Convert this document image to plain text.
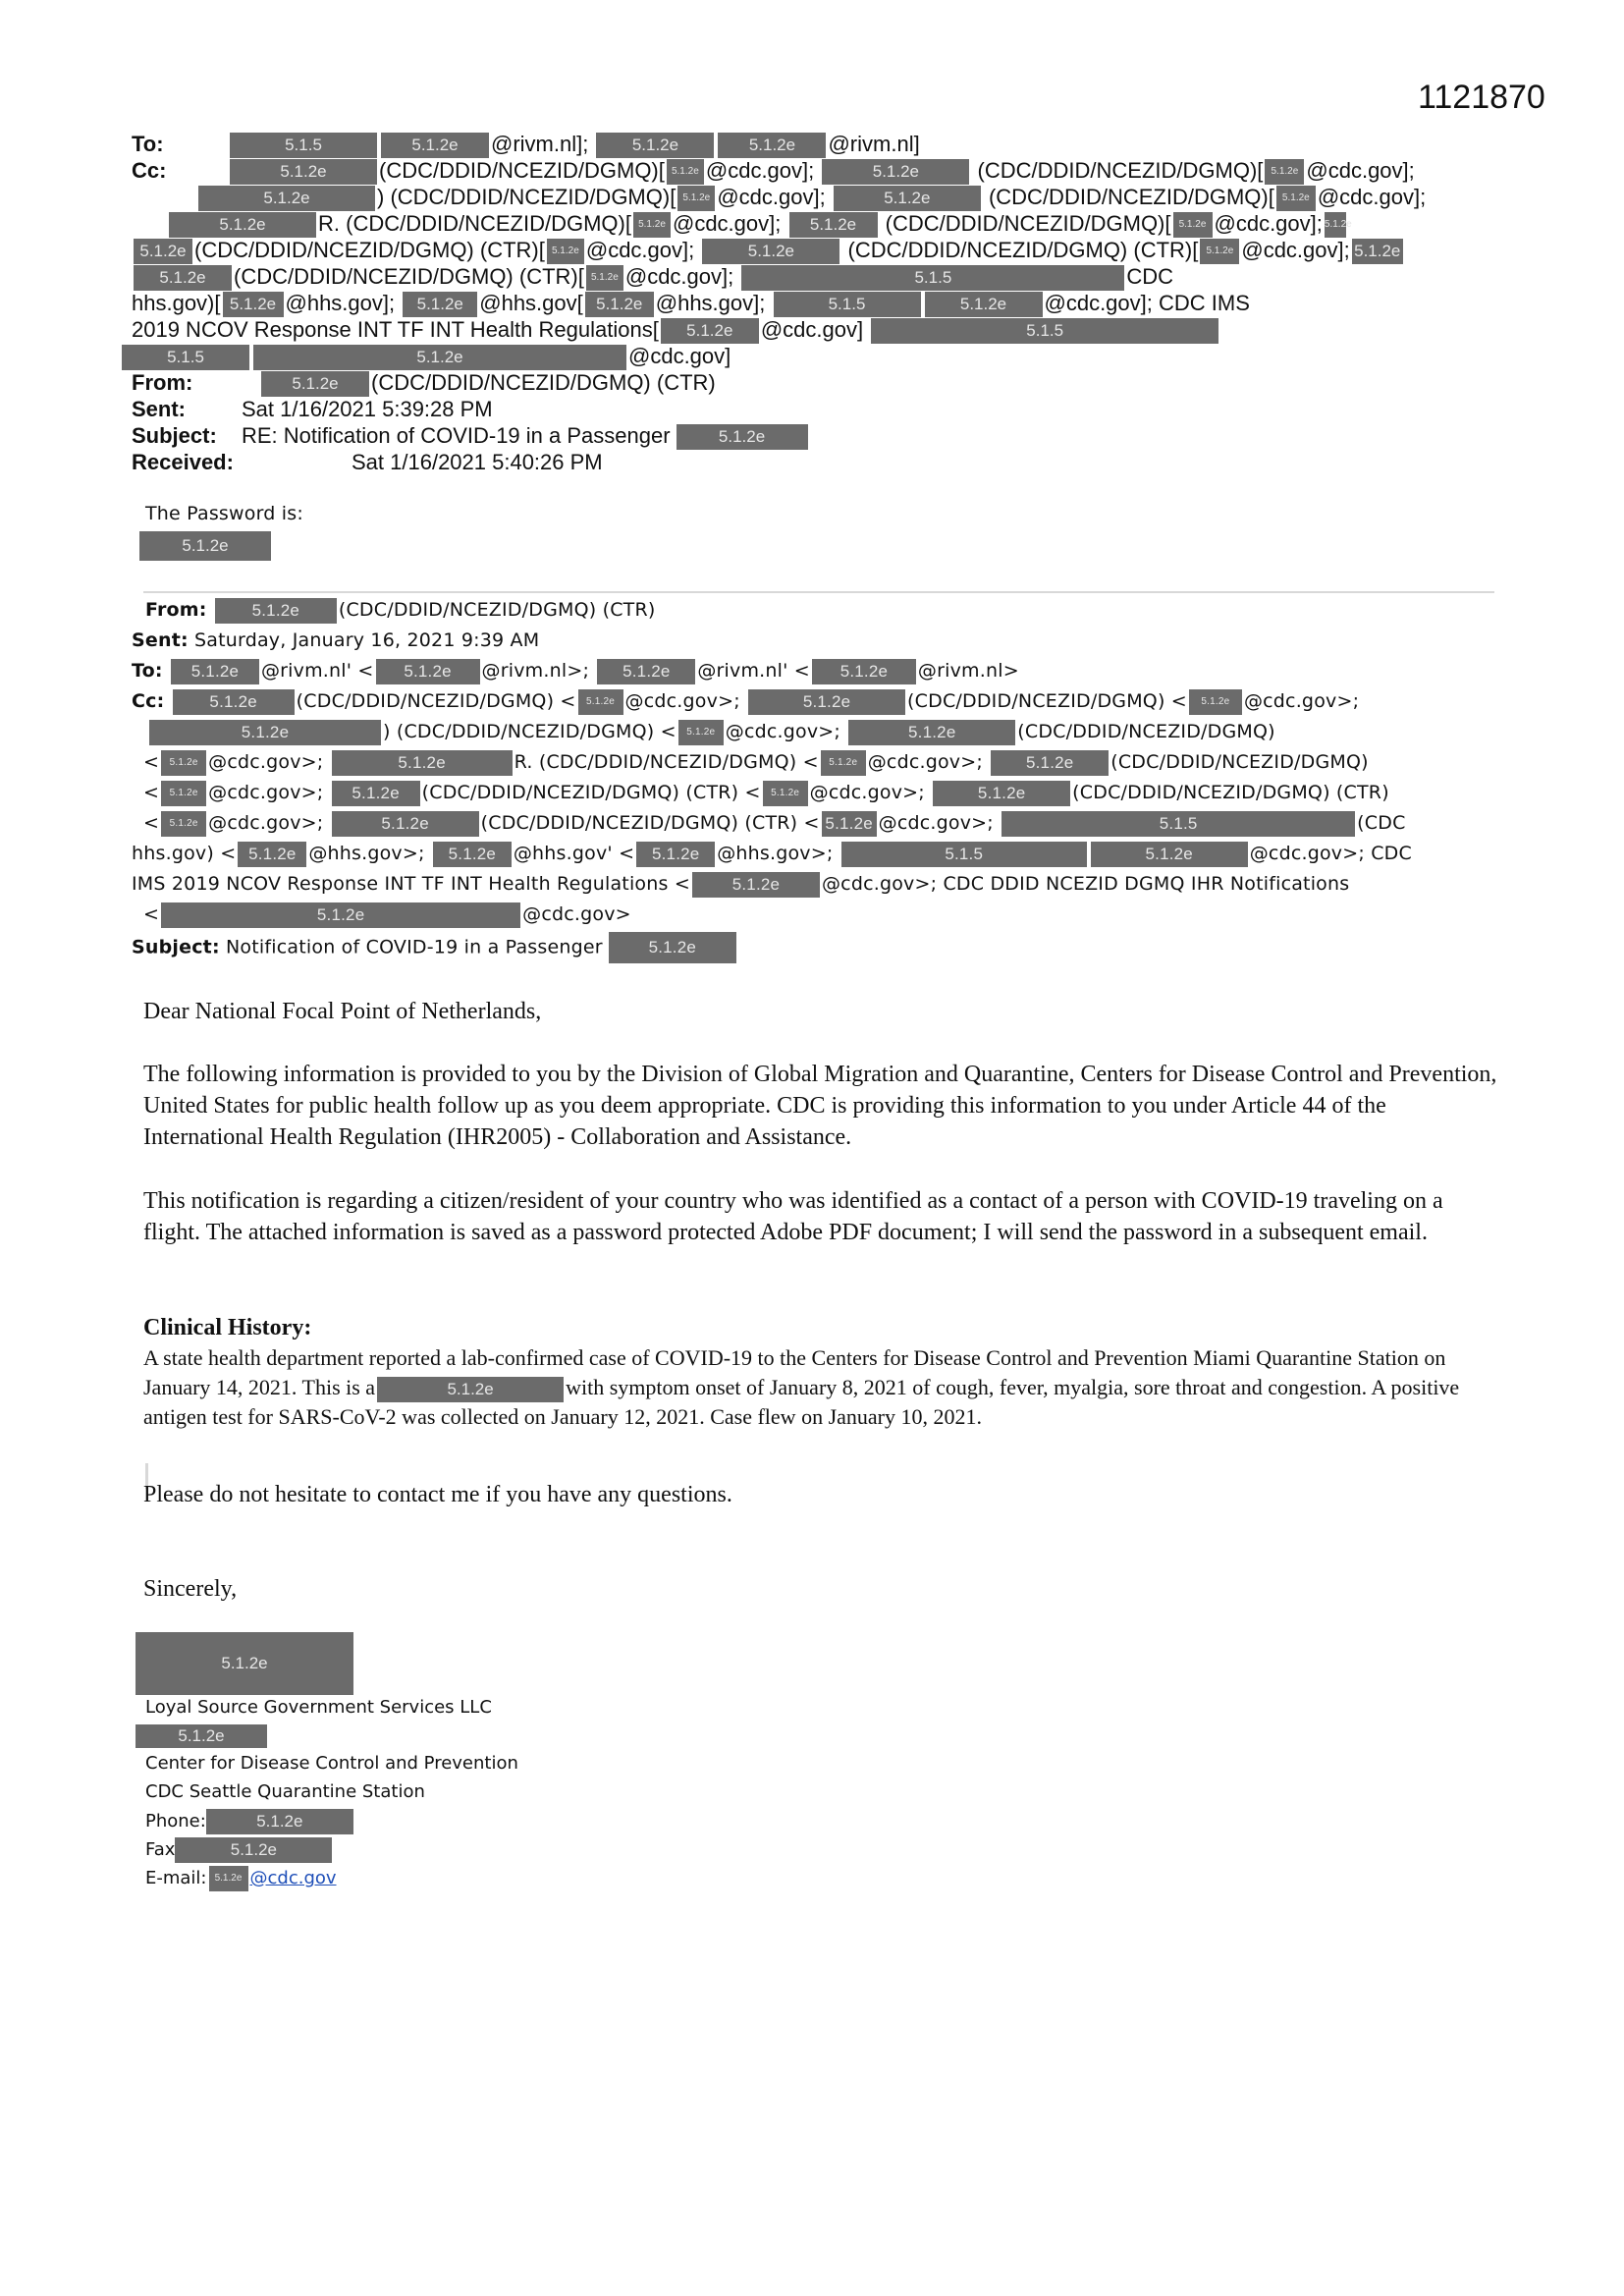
1121870
To:	5.1.5	5.1.2e @rivm.nl];	5.1.2e	5.1.2e @rivm.nl]
Cc:	5.1.2e (CDC/DDID/NCEZID/DGMQ)[ 5.1.2e @cdc.gov];	5.1.2e	(CDC/DDID/NCEZID/DGMQ)[ 5.1.2e @cdc.gov];
5.1.2e	) (CDC/DDID/NCEZID/DGMQ)[ 5.1.2e @cdc.gov];	5.1.2e	(CDC/DDID/NCEZID/DGMQ)[ 5.1.2e @cdc.gov];
5.1.2e R. (CDC/DDID/NCEZID/DGMQ)[ 5.1.2e @cdc.gov]; 5.1.2e (CDC/DDID/NCEZID/DGMQ)[ 5.1.2e @cdc.gov]; 5.1.2e
5.1.2e (CDC/DDID/NCEZID/DGMQ) (CTR)[ 5.1.2e @cdc.gov];	5.1.2e (CDC/DDID/NCEZID/DGMQ) (CTR)[ 5.1.2e @cdc.gov]; 5.1.2e
5.1.2e (CDC/DDID/NCEZID/DGMQ) (CTR)[ 5.1.2e @cdc.gov];	5.1.5	CDC
hhs.gov)[ 5.1.2e @hhs.gov]; 5.1.2e @hhs.gov[ 5.1.2e @hhs.gov];	5.1.5	5.1.2e @cdc.gov]; CDC IMS
2019 NCOV Response INT TF INT Health Regulations[ 5.1.2e @cdc.gov]	5.1.5
5.1.5	5.1.2e	@cdc.gov]
From:	5.1.2e (CDC/DDID/NCEZID/DGMQ) (CTR)
Sent:	Sat 1/16/2021 5:39:28 PM
Subject: RE: Notification of COVID-19 in a Passenger	5.1.2e
Received:	Sat 1/16/2021 5:40:26 PM
The Password is:
5.1.2e
From:	5.1.2e (CDC/DDID/NCEZID/DGMQ) (CTR)
Sent: Saturday, January 16, 2021 9:39 AM
To: 5.1.2e @rivm.nl' < 5.1.2e @rivm.nl>; 5.1.2e @rivm.nl' < 5.1.2e @rivm.nl>
Cc:	5.1.2e (CDC/DDID/NCEZID/DGMQ) < 5.1.2e @cdc.gov>;	5.1.2e	(CDC/DDID/NCEZID/DGMQ) < 5.1.2e @cdc.gov>;
5.1.2e	) (CDC/DDID/NCEZID/DGMQ) < 5.1.2e @cdc.gov>;	5.1.2e	(CDC/DDID/NCEZID/DGMQ)
< 5.1.2e @cdc.gov>;	5.1.2e	R. (CDC/DDID/NCEZID/DGMQ) < 5.1.2e @cdc.gov>;	5.1.2e (CDC/DDID/NCEZID/DGMQ)
< 5.1.2e @cdc.gov>; 5.1.2e (CDC/DDID/NCEZID/DGMQ) (CTR) < 5.1.2e @cdc.gov>;	5.1.2e	(CDC/DDID/NCEZID/DGMQ) (CTR)
< 5.1.2e @cdc.gov>;	5.1.2e	(CDC/DDID/NCEZID/DGMQ) (CTR) < 5.1.2e @cdc.gov>;	5.1.5	(CDC
hhs.gov) < 5.1.2e @hhs.gov>; 5.1.2e @hhs.gov' < 5.1.2e @hhs.gov>;	5.1.5	5.1.2e	@cdc.gov>; CDC
IMS 2019 NCOV Response INT TF INT Health Regulations <	5.1.2e @cdc.gov>; CDC DDID NCEZID DGMQ IHR Notifications
<	5.1.2e	@cdc.gov>
Subject: Notification of COVID-19 in a Passenger	5.1.2e
Dear National Focal Point of Netherlands,
The following information is provided to you by the Division of Global Migration and Quarantine, Centers for Disease Control and Prevention, United States for public health follow up as you deem appropriate. CDC is providing this information to you under Article 44 of the International Health Regulation (IHR2005) - Collaboration and Assistance.
This notification is regarding a citizen/resident of your country who was identified as a contact of a person with COVID-19 traveling on a flight. The attached information is saved as a password protected Adobe PDF document; I will send the password in a subsequent email.
Clinical History:
A state health department reported a lab-confirmed case of COVID-19 to the Centers for Disease Control and Prevention Miami Quarantine Station on January 14, 2021. This is a	5.1.2e	with symptom onset of January 8, 2021 of cough, fever, myalgia, sore throat and congestion. A positive antigen test for SARS-CoV-2 was collected on January 12, 2021. Case flew on January 10, 2021.
Please do not hesitate to contact me if you have any questions.
Sincerely,
5.1.2e
Loyal Source Government Services LLC
5.1.2e
Center for Disease Control and Prevention
CDC Seattle Quarantine Station
Phone:	5.1.2e
Fax	5.1.2e
E-mail: 5.1.2e @cdc.gov
